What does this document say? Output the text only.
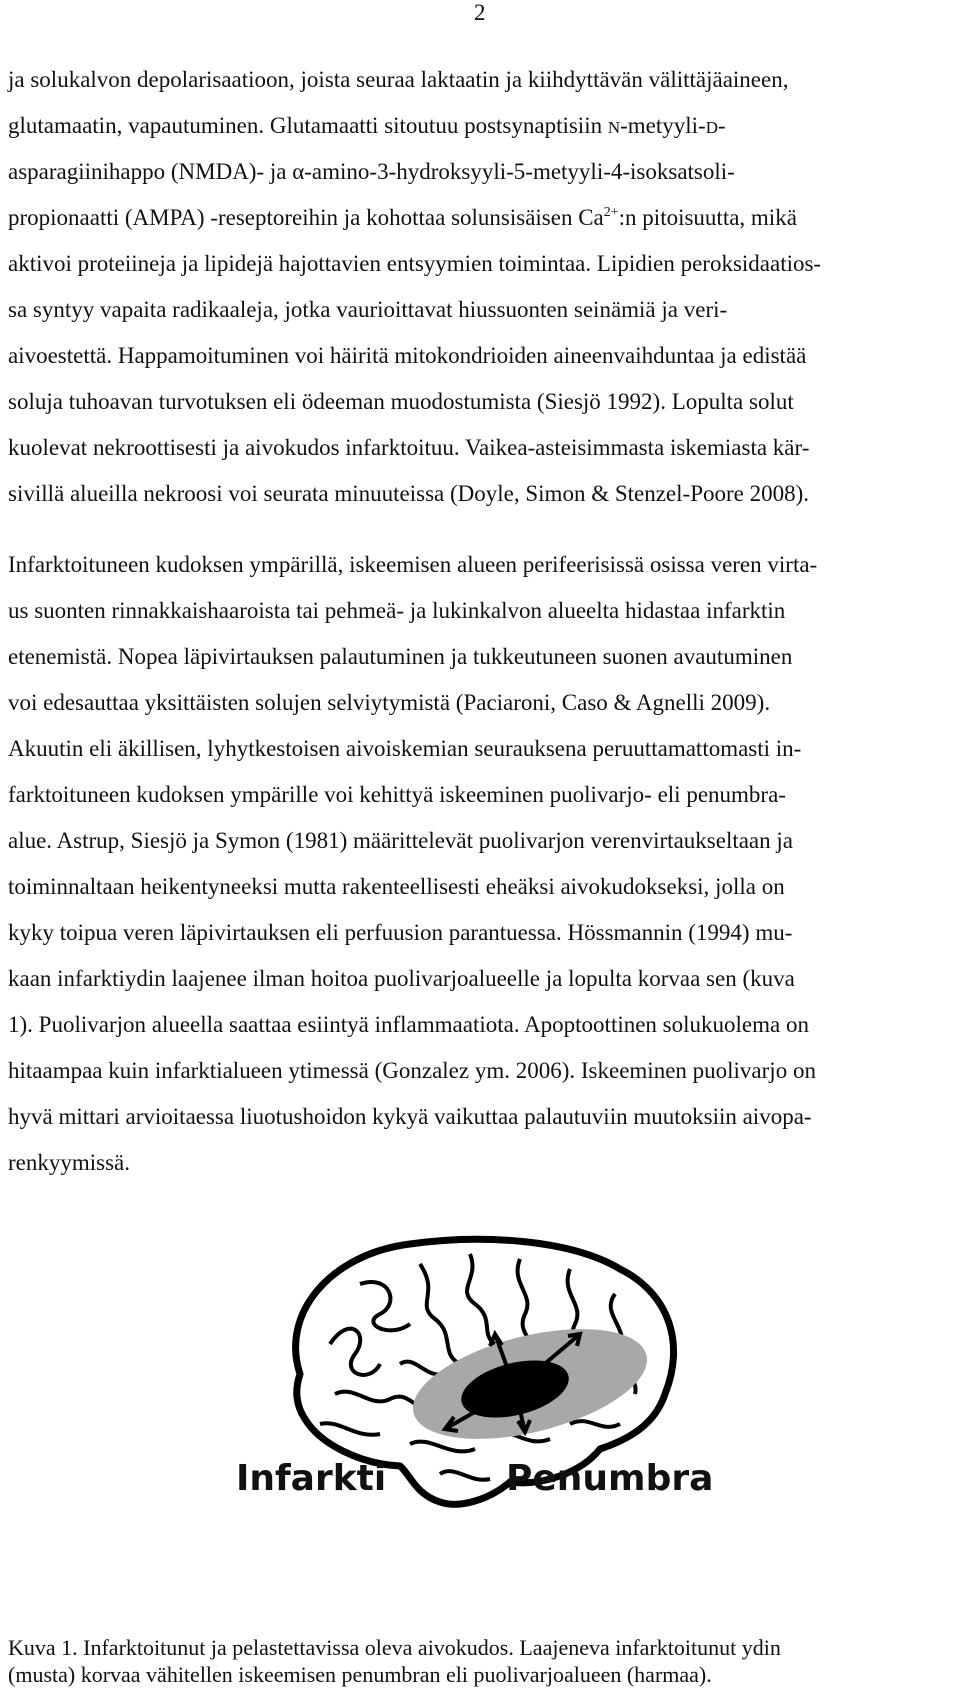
2
ja solukalvon depolarisaatioon, joista seuraa laktaatin ja kiihdyttävän välittäjäaineen,
glutamaatin, vapautuminen. Glutamaatti sitoutuu postsynaptisiin N-metyyli-D-
asparagiinihappo (NMDA)- ja α-amino-3-hydroksyyli-5-metyyli-4-isoksatsoli-
propionaatti (AMPA) -reseptoreihin ja kohottaa solunsisäisen $Ca^{2+}:n$ pitoisuutta, mikä
aktivoi proteiineja ja lipidejä hajottavien entsyymien toimintaa. Lipidien peroksidaatios-
sa syntyy vapaita radikaaleja, jotka vaurioittavat hiussuonten seinämiä ja veri-
aivoestettä. Happamoituminen voi häiritä mitokondrioiden aineenvaihduntaa ja edistää
soluja tuhoavan turvotuksen eli ödeeman muodostumista (Siesjö 1992). Lopulta solut
kuolevat nekroottisesti ja aivokudos infarktoituu. Vaikea-asteisimmasta iskemiasta kär-
sivillä alueilla nekroosi voi seurata minuuteissa (Doyle, Simon & Stenzel-Poore 2008).
Infarktoituneen kudoksen ympärillä, iskeemisen alueen perifeerisissä osissa veren virta-
us suonten rinnakkaishaaroista tai pehmeä- ja lukinkalvon alueelta hidastaa infarktin
etenemistä. Nopea läpivirtauksen palautuminen ja tukkeutuneen suonen avautuminen
voi edesauttaa yksittäisten solujen selviytymistä (Paciaroni, Caso & Agnelli 2009).
Akuutin eli äkillisen, lyhytkestoisen aivoiskemian seurauksena peruuttamattomasti in-
farktoituneen kudoksen ympärille voi kehittyä iskeeminen puolivarjo- eli penumbra-
alue. Astrup, Siesjö ja Symon (1981) määrittelevät puolivarjon verenvirtaukseltaan ja
toiminnaltaan heikentyneeksi mutta rakenteellisesti eheäksi aivokudokseksi, jolla on
kyky toipua veren läpivirtauksen eli perfuusion parantuessa. Hössmannin (1994) mu-
kaan infarktiydin laajenee ilman hoitoa puolivarjoalueelle ja lopulta korvaa sen (kuva
1). Puolivarjon alueella saattaa esiintyä inflammaatiota. Apoptoottinen solukuolema on
hitaampaa kuin infarktialueen ytimessä (Gonzalez ym. 2006). Iskeeminen puolivarjo on
hyvä mittari arvioitaessa liuotushoidon kykyä vaikuttaa palautuviin muutoksiin aivopa-
renkyymissä.
Infarkti	Penumbra
Kuva 1. Infarktoitunut ja pelastettavissa oleva aivokudos. Laajeneva infarktoitunut ydin
(musta) korvaa vähitellen iskeemisen penumbran eli puolivarjoalueen (harmaa).
